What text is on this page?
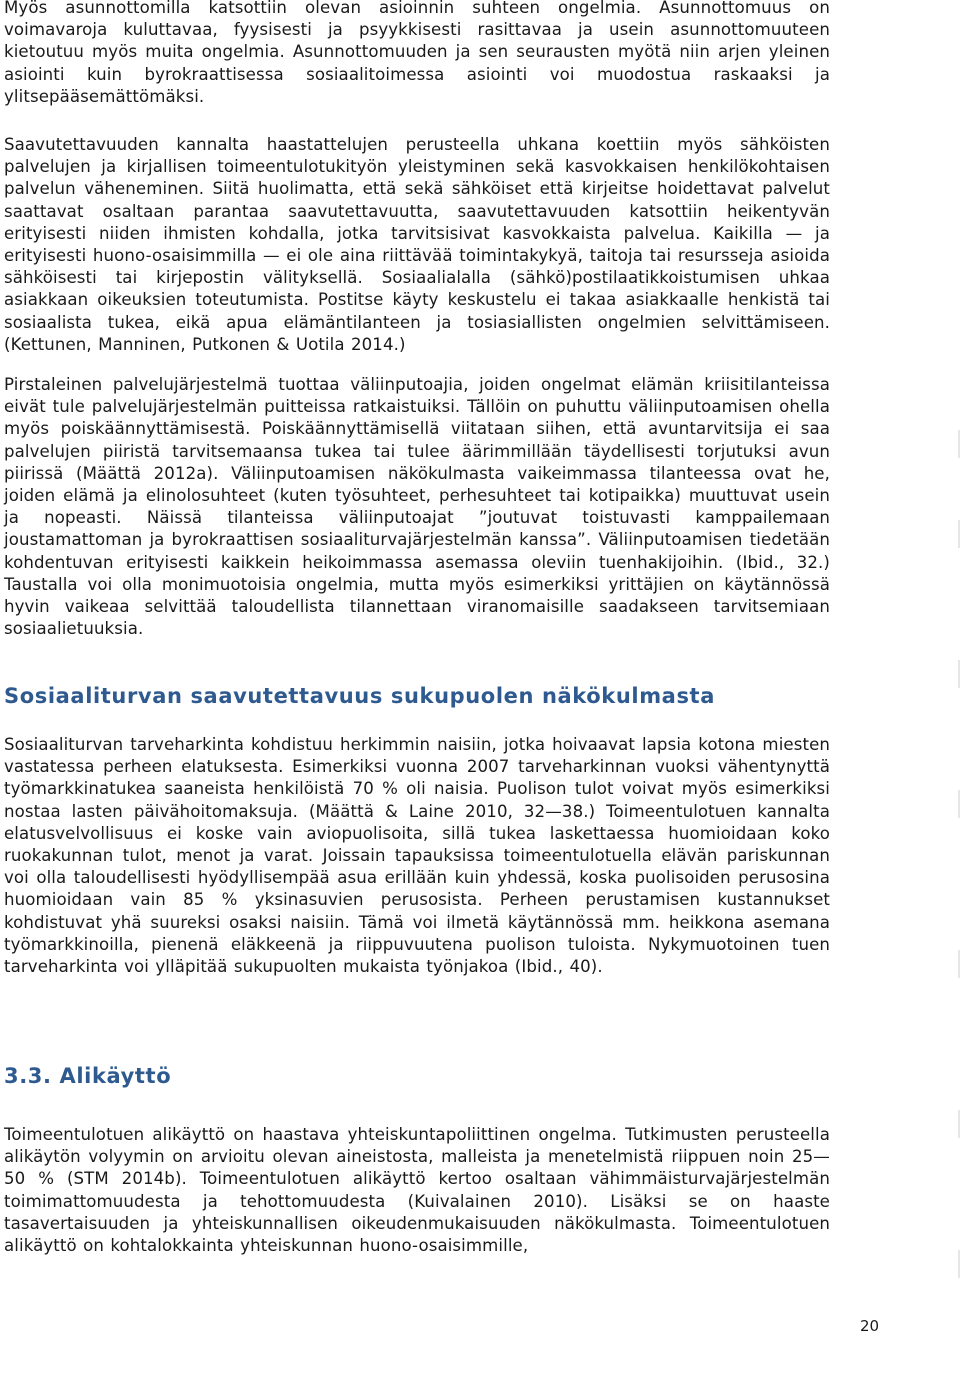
Myös asunnottomilla katsottiin olevan asioinnin suhteen ongelmia. Asunnottomuus on voimavaroja kuluttavaa, fyysisesti ja psyykkisesti rasittavaa ja usein asunnottomuuteen kietoutuu myös muita ongelmia. Asunnottomuuden ja sen seurausten myötä niin arjen yleinen asiointi kuin byrokraattisessa sosiaalitoimessa asiointi voi muodostua raskaaksi ja ylitsepääsemättömäksi.

Saavutettavuuden kannalta haastattelujen perusteella uhkana koettiin myös sähköisten palvelujen ja kirjallisen toimeentulotukityön yleistyminen sekä kasvokkaisen henkilökohtaisen palvelun väheneminen. Siitä huolimatta, että sekä sähköiset että kirjeitse hoidettavat palvelut saattavat osaltaan parantaa saavutettavuutta, saavutettavuuden katsottiin heikentyvän erityisesti niiden ihmisten kohdalla, jotka tarvitsisivat kasvokkaista palvelua. Kaikilla — ja erityisesti huono-osaisimmilla — ei ole aina riittävää toimintakykyä, taitoja tai resursseja asioida sähköisesti tai kirjepostin välityksellä. Sosiaalialalla (sähkö)postilaatikkoistumisen uhkaa asiakkaan oikeuksien toteutumista. Postitse käyty keskustelu ei takaa asiakkaalle henkistä tai sosiaalista tukea, eikä apua elämäntilanteen ja tosiasiallisten ongelmien selvittämiseen. (Kettunen, Manninen, Putkonen & Uotila 2014.)

Pirstaleinen palvelujärjestelmä tuottaa väliinputoajia, joiden ongelmat elämän kriisitilanteissa eivät tule palvelujärjestelmän puitteissa ratkaistuiksi. Tällöin on puhuttu väliinputoamisen ohella myös poiskäännyttämisestä. Poiskäännyttämisellä viitataan siihen, että avuntarvitsija ei saa palvelujen piiristä tarvitsemaansa tukea tai tulee äärimmillään täydellisesti torjutuksi avun piirissä (Määttä 2012a). Väliinputoamisen näkökulmasta vaikeimmassa tilanteessa ovat he, joiden elämä ja elinolosuhteet (kuten työsuhteet, perhesuhteet tai kotipaikka) muuttuvat usein ja nopeasti. Näissä tilanteissa väliinputoajat ”joutuvat toistuvasti kamppailemaan joustamattoman ja byrokraattisen sosiaaliturvajärjestelmän kanssa”. Väliinputoamisen tiedetään kohdentuvan erityisesti kaikkein heikoimmassa asemassa oleviin tuenhakijoihin. (Ibid., 32.) Taustalla voi olla monimuotoisia ongelmia, mutta myös esimerkiksi yrittäjien on käytännössä hyvin vaikeaa selvittää taloudellista tilannettaan viranomaisille saadakseen tarvitsemiaan sosiaalietuuksia.

Sosiaaliturvan saavutettavuus sukupuolen näkökulmasta

Sosiaaliturvan tarveharkinta kohdistuu herkimmin naisiin, jotka hoivaavat lapsia kotona miesten vastatessa perheen elatuksesta. Esimerkiksi vuonna 2007 tarveharkinnan vuoksi vähentynyttä työmarkkinatukea saaneista henkilöistä 70 % oli naisia. Puolison tulot voivat myös esimerkiksi nostaa lasten päivähoitomaksuja. (Määttä & Laine 2010, 32—38.) Toimeentulotuen kannalta elatusvelvollisuus ei koske vain aviopuolisoita, sillä tukea laskettaessa huomioidaan koko ruokakunnan tulot, menot ja varat. Joissain tapauksissa toimeentulotuella elävän pariskunnan voi olla taloudellisesti hyödyllisempää asua erillään kuin yhdessä, koska puolisoiden perusosina huomioidaan vain 85 % yksinasuvien perusosista. Perheen perustamisen kustannukset kohdistuvat yhä suureksi osaksi naisiin. Tämä voi ilmetä käytännössä mm. heikkona asemana työmarkkinoilla, pienenä eläkkeenä ja riippuvuutena puolison tuloista. Nykymuotoinen tuen tarveharkinta voi ylläpitää sukupuolten mukaista työnjakoa (Ibid., 40).

3.3. Alikäyttö

Toimeentulotuen alikäyttö on haastava yhteiskuntapoliittinen ongelma. Tutkimusten perusteella alikäytön volyymin on arvioitu olevan aineistosta, malleista ja menetelmistä riippuen noin 25—50 % (STM 2014b). Toimeentulotuen alikäyttö kertoo osaltaan vähimmäisturvajärjestelmän toimimattomuudesta ja tehottomuudesta (Kuivalainen 2010). Lisäksi se on haaste tasavertaisuuden ja yhteiskunnallisen oikeudenmukaisuuden näkökulmasta. Toimeentulotuen alikäyttö on kohtalokkainta yhteiskunnan huono-osaisimmille,

20
